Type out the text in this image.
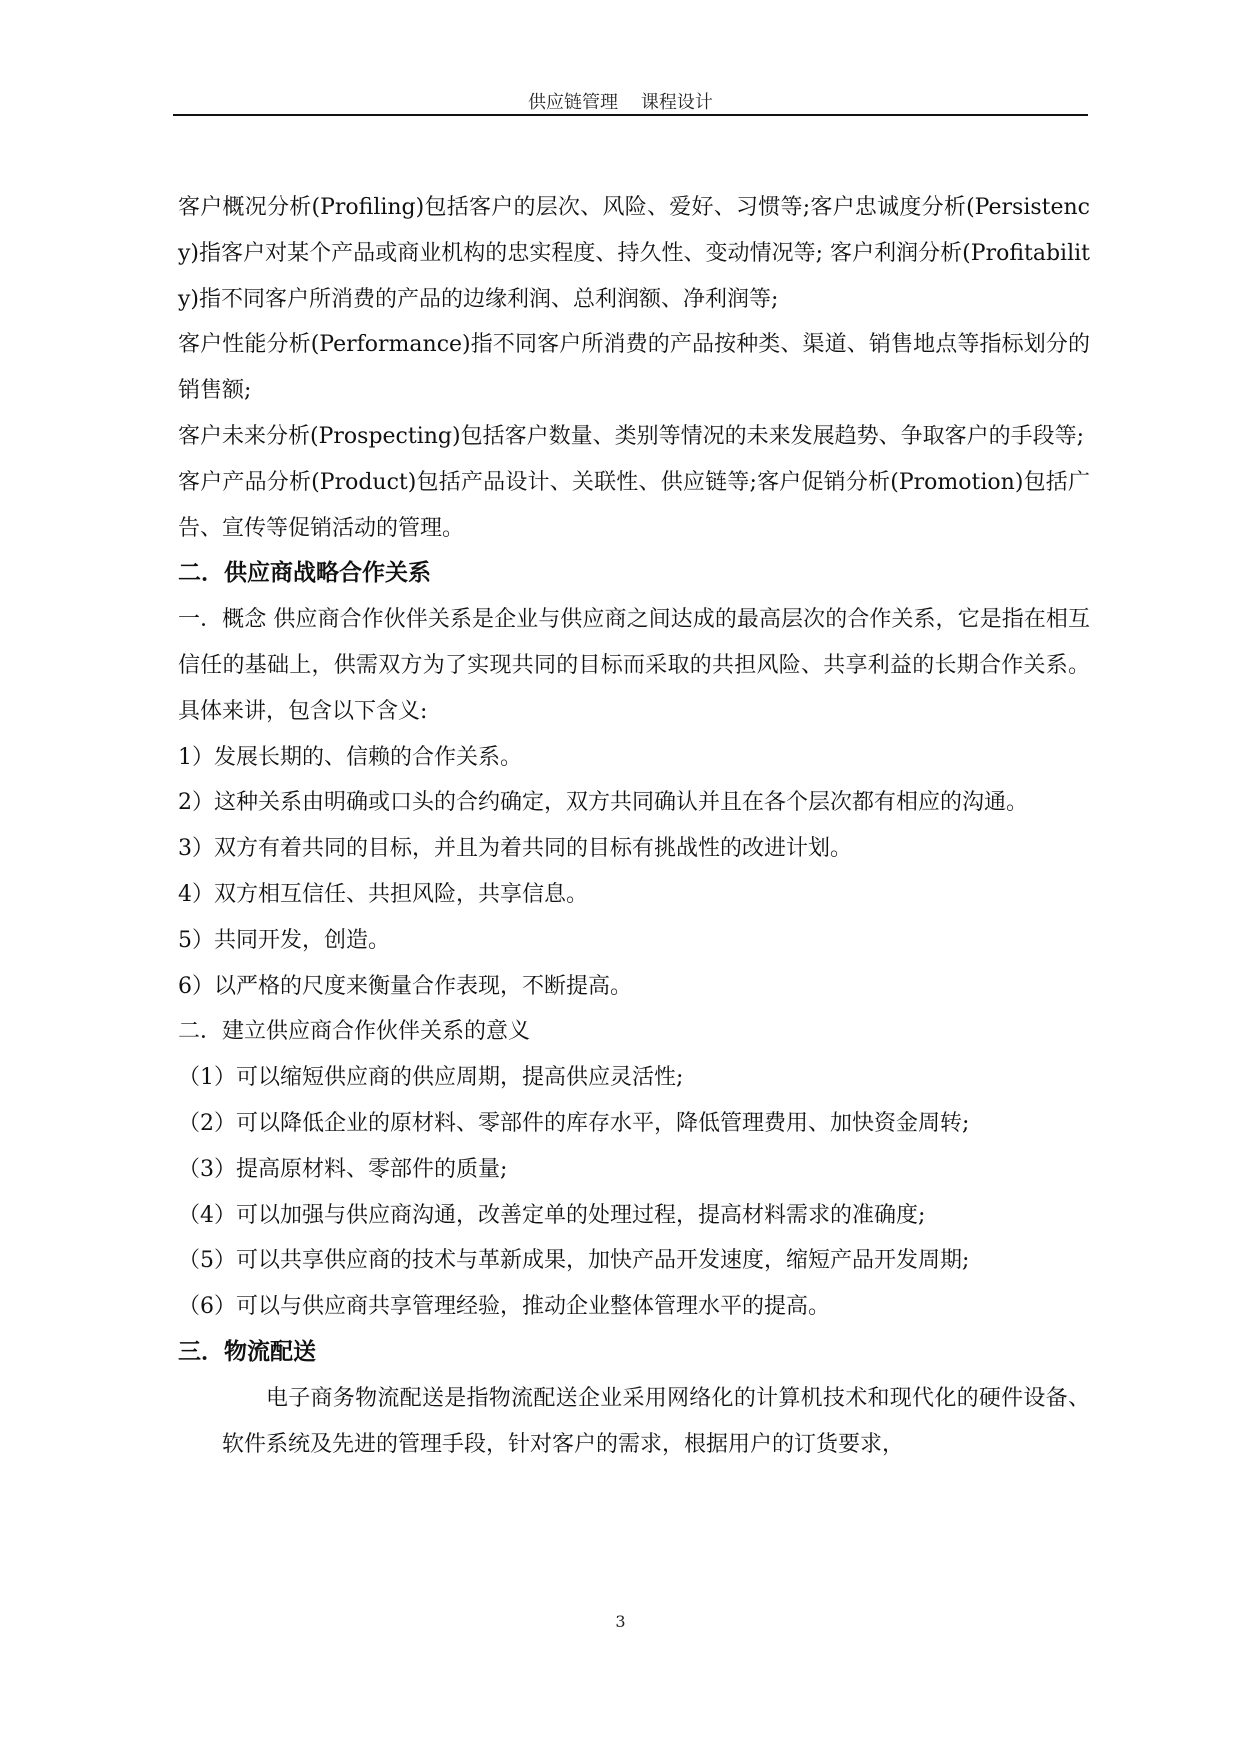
供应链管理    课程设计

客户概况分析(Profiling)包括客户的层次、风险、爱好、习惯等;客户忠诚度分析(Persistency)指客户对某个产品或商业机构的忠实程度、持久性、变动情况等; 客户利润分析(Profitability)指不同客户所消费的产品的边缘利润、总利润额、净利润等;

客户性能分析(Performance)指不同客户所消费的产品按种类、渠道、销售地点等指标划分的销售额;

客户未来分析(Prospecting)包括客户数量、类别等情况的未来发展趋势、争取客户的手段等;

客户产品分析(Product)包括产品设计、关联性、供应链等;客户促销分析(Promotion)包括广告、宣传等促销活动的管理。

二．供应商战略合作关系

一．概念 供应商合作伙伴关系是企业与供应商之间达成的最高层次的合作关系，它是指在相互信任的基础上，供需双方为了实现共同的目标而采取的共担风险、共享利益的长期合作关系。具体来讲，包含以下含义:

1）发展长期的、信赖的合作关系。

2）这种关系由明确或口头的合约确定，双方共同确认并且在各个层次都有相应的沟通。

3）双方有着共同的目标，并且为着共同的目标有挑战性的改进计划。

4）双方相互信任、共担风险，共享信息。

5）共同开发，创造。

6）以严格的尺度来衡量合作表现，不断提高。

二．建立供应商合作伙伴关系的意义

（1）可以缩短供应商的供应周期，提高供应灵活性;

（2）可以降低企业的原材料、零部件的库存水平，降低管理费用、加快资金周转;

（3）提高原材料、零部件的质量;

（4）可以加强与供应商沟通，改善定单的处理过程，提高材料需求的准确度;

（5）可以共享供应商的技术与革新成果，加快产品开发速度，缩短产品开发周期;

（6）可以与供应商共享管理经验，推动企业整体管理水平的提高。

三．物流配送

电子商务物流配送是指物流配送企业采用网络化的计算机技术和现代化的硬件设备、软件系统及先进的管理手段，针对客户的需求，根据用户的订货要求，

3
